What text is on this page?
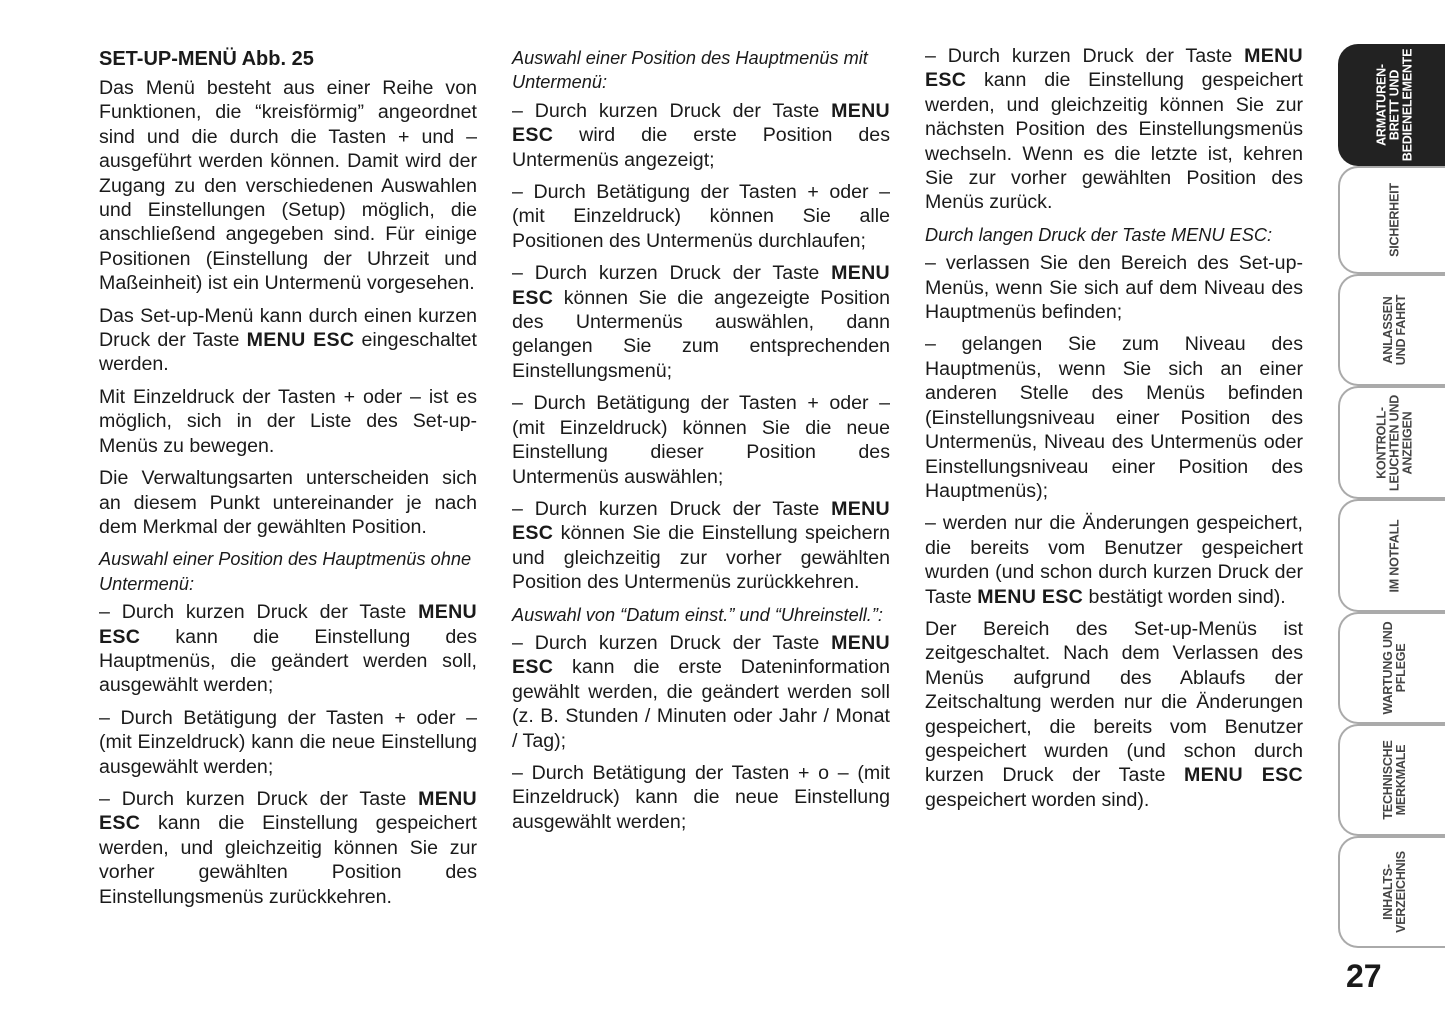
SET-UP-MENÜ Abb. 25

Das Menü besteht aus einer Reihe von Funktionen, die “kreisförmig” angeordnet sind und die durch die Tasten + und – ausgeführt werden können. Damit wird der Zugang zu den verschiedenen Auswahlen und Einstellungen (Setup) möglich, die anschließend angegeben sind. Für einige Positionen (Einstellung der Uhrzeit und Maßeinheit) ist ein Untermenü vorgesehen.

Das Set-up-Menü kann durch einen kurzen Druck der Taste MENU ESC eingeschaltet werden.

Mit Einzeldruck der Tasten + oder – ist es möglich, sich in der Liste des Set-up-Menüs zu bewegen.

Die Verwaltungsarten unterscheiden sich an diesem Punkt untereinander je nach dem Merkmal der gewählten Position.

Auswahl einer Position des Hauptmenüs ohne Untermenü:

– Durch kurzen Druck der Taste MENU ESC kann die Einstellung des Hauptmenüs, die geändert werden soll, ausgewählt werden;

– Durch Betätigung der Tasten + oder – (mit Einzeldruck) kann die neue Einstellung ausgewählt werden;

– Durch kurzen Druck der Taste MENU ESC kann die Einstellung gespeichert werden, und gleichzeitig können Sie zur vorher gewählten Position des Einstellungsmenüs zurückkehren.

Auswahl einer Position des Hauptmenüs mit Untermenü:

– Durch kurzen Druck der Taste MENU ESC wird die erste Position des Untermenüs angezeigt;

– Durch Betätigung der Tasten + oder – (mit Einzeldruck) können Sie alle Positionen des Untermenüs durchlaufen;

– Durch kurzen Druck der Taste MENU ESC können Sie die angezeigte Position des Untermenüs auswählen, dann gelangen Sie zum entsprechenden Einstellungsmenü;

– Durch Betätigung der Tasten + oder – (mit Einzeldruck) können Sie die neue Einstellung dieser Position des Untermenüs auswählen;

– Durch kurzen Druck der Taste MENU ESC können Sie die Einstellung speichern und gleichzeitig zur vorher gewählten Position des Untermenüs zurückkehren.

Auswahl von “Datum einst.” und “Uhreinstell.”:

– Durch kurzen Druck der Taste MENU ESC kann die erste Dateninformation gewählt werden, die geändert werden soll (z. B. Stunden / Minuten oder Jahr / Monat / Tag);

– Durch Betätigung der Tasten + o – (mit Einzeldruck) kann die neue Einstellung ausgewählt werden;

– Durch kurzen Druck der Taste MENU ESC kann die Einstellung gespeichert werden, und gleichzeitig können Sie zur nächsten Position des Einstellungsmenüs wechseln. Wenn es die letzte ist, kehren Sie zur vorher gewählten Position des Menüs zurück.

Durch langen Druck der Taste MENU ESC:

– verlassen Sie den Bereich des Set-up-Menüs, wenn Sie sich auf dem Niveau des Hauptmenüs befinden;

– gelangen Sie zum Niveau des Hauptmenüs, wenn Sie sich an einer anderen Stelle des Menüs befinden (Einstellungsniveau einer Position des Untermenüs, Niveau des Untermenüs oder Einstellungsniveau einer Position des Hauptmenüs);

– werden nur die Änderungen gespeichert, die bereits vom Benutzer gespeichert wurden (und schon durch kurzen Druck der Taste MENU ESC bestätigt worden sind).

Der Bereich des Set-up-Menüs ist zeitgeschaltet. Nach dem Verlassen des Menüs aufgrund des Ablaufs der Zeitschaltung werden nur die Änderungen gespeichert, die bereits vom Benutzer gespeichert wurden (und schon durch kurzen Druck der Taste MENU ESC gespeichert worden sind).

ARMATUREN-
BRETT UND
BEDIENELEMENTE
SICHERHEIT
ANLASSEN
UND FAHRT
KONTROLL-
LEUCHTEN UND
ANZEIGEN
IM NOTFALL
WARTUNG UND
PFLEGE
TECHNISCHE
MERKMALE
INHALTS-
VERZEICHNIS
27
